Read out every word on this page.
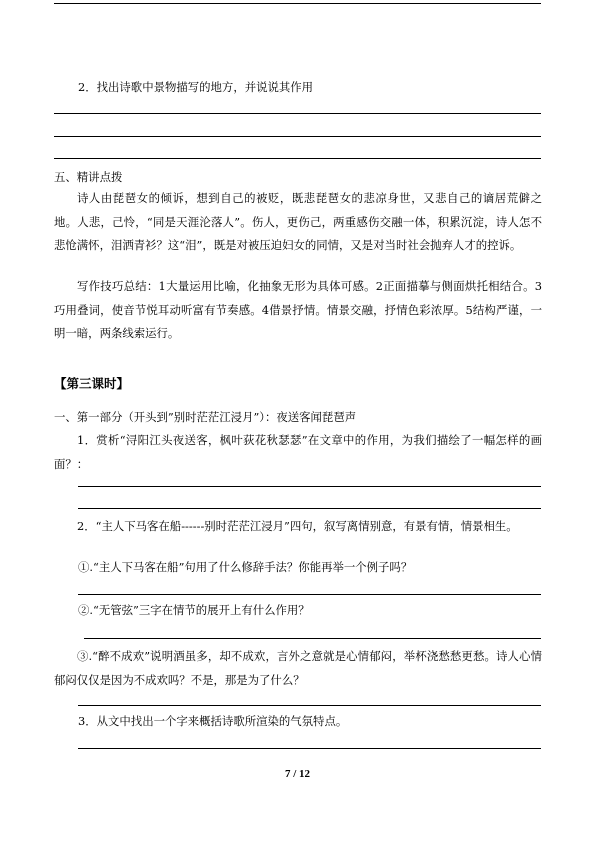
2．找出诗歌中景物描写的地方，并说说其作用
五、精讲点拨
诗人由琵琶女的倾诉，想到自己的被贬，既悲琵琶女的悲凉身世，又悲自己的谪居荒僻之地。人悲，己怜，“同是天涯沦落人”。伤人，更伤己，两重感伤交融一体，积累沉淀，诗人怎不悲怆满怀，泪洒青衫？这“泪”，既是对被压迫妇女的同情，又是对当时社会抛弃人才的控诉。
写作技巧总结：1大量运用比喻，化抽象无形为具体可感。2正面描摹与侧面烘托相结合。3巧用叠词，使音节悦耳动听富有节奏感。4借景抒情。情景交融，抒情色彩浓厚。5结构严谨，一明一暗，两条线索运行。
【第三课时】
一、第一部分（开头到”别时茫茫江浸月”）：夜送客闻琵琶声
1．赏析“浔阳江头夜送客，枫叶荻花秋瑟瑟”在文章中的作用，为我们描绘了一幅怎样的画面？：
2．“主人下马客在船------别时茫茫江浸月”四句，叙写离情别意，有景有情，情景相生。
①.“主人下马客在船”句用了什么修辞手法？你能再举一个例子吗？
②.“无管弦”三字在情节的展开上有什么作用？
③.“醉不成欢”说明酒虽多，却不成欢，言外之意就是心情郁闷，举杯浇愁愁更愁。诗人心情郁闷仅仅是因为不成欢吗？不是，那是为了什么？
3．从文中找出一个字来概括诗歌所渲染的气氛特点。
7 / 12
